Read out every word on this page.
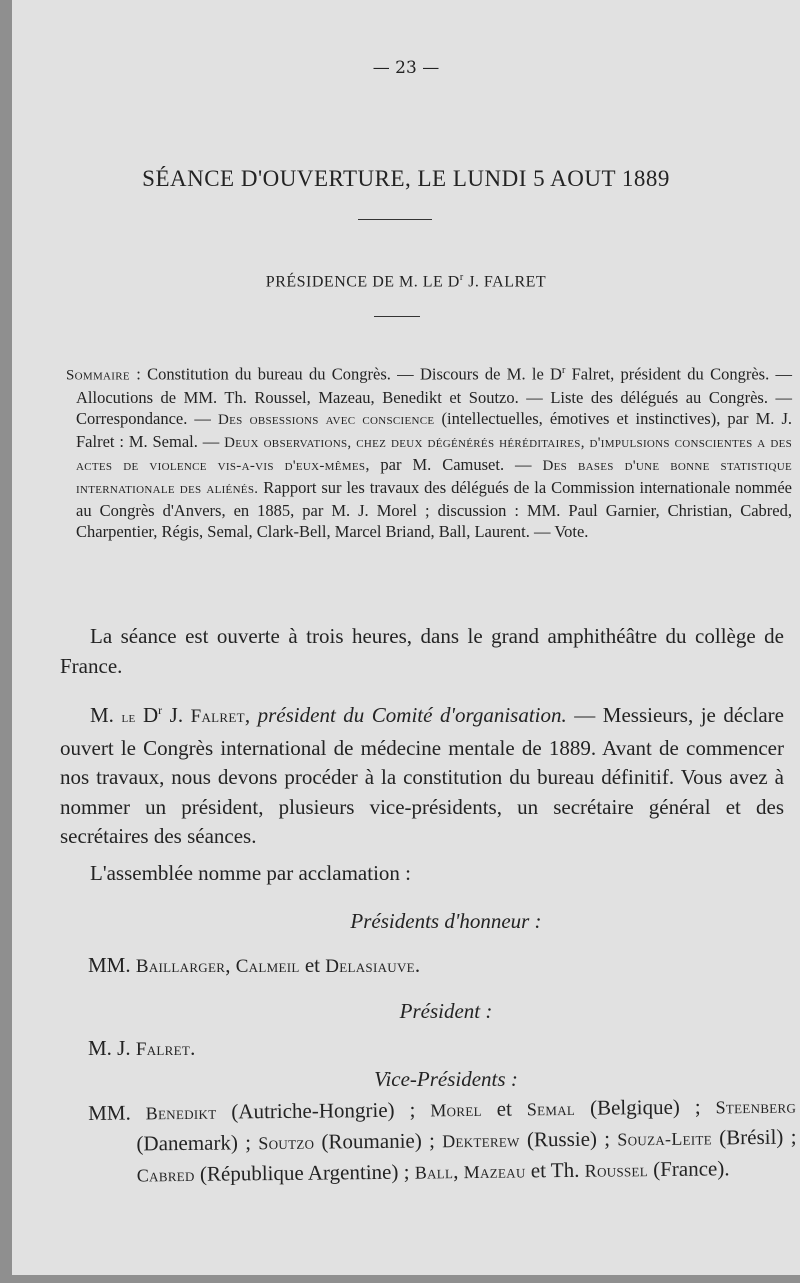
— 23 —
SÉANCE D'OUVERTURE, LE LUNDI 5 AOUT 1889
PRÉSIDENCE DE M. LE $D^r$ J. FALRET
Sommaire : Constitution du bureau du Congrès. — Discours de M. le $D^r$ Falret, président du Congrès. — Allocutions de MM. Th. Roussel, Mazeau, Benedikt et Soutzo. — Liste des délégués au Congrès. — Correspondance. — Des obsessions avec conscience (intellectuelles, émotives et instinctives), par M. J. Falret : M. Semal. — Deux observations, chez deux dégénérés héréditaires, d'impulsions conscientes a des actes de violence vis-a-vis d'eux-mêmes, par M. Camuset. — Des bases d'une bonne statistique internationale des aliénés. Rapport sur les travaux des délégués de la Commission internationale nommée au Congrès d'Anvers, en 1885, par M. J. Morel ; discussion : MM. Paul Garnier, Christian, Cabred, Charpentier, Régis, Semal, Clark-Bell, Marcel Briand, Ball, Laurent. — Vote.
La séance est ouverte à trois heures, dans le grand amphithéâtre du collège de France.
M. le $D^r$ J. Falret, président du Comité d'organisation. — Messieurs, je déclare ouvert le Congrès international de médecine mentale de 1889. Avant de commencer nos travaux, nous devons procéder à la constitution du bureau définitif. Vous avez à nommer un président, plusieurs vice-présidents, un secrétaire général et des secrétaires des séances.
L'assemblée nomme par acclamation :
Présidents d'honneur :
MM. Baillarger, Calmeil et Delasiauve.
Président :
M. J. Falret.
Vice-Présidents :
MM. Benedikt (Autriche-Hongrie) ; Morel et Semal (Belgique) ; Steenberg (Danemark) ; Soutzo (Roumanie) ; Dekterew (Russie) ; Souza-Leite (Brésil) ; Cabred (République Argentine) ; Ball, Mazeau et Th. Roussel (France).
